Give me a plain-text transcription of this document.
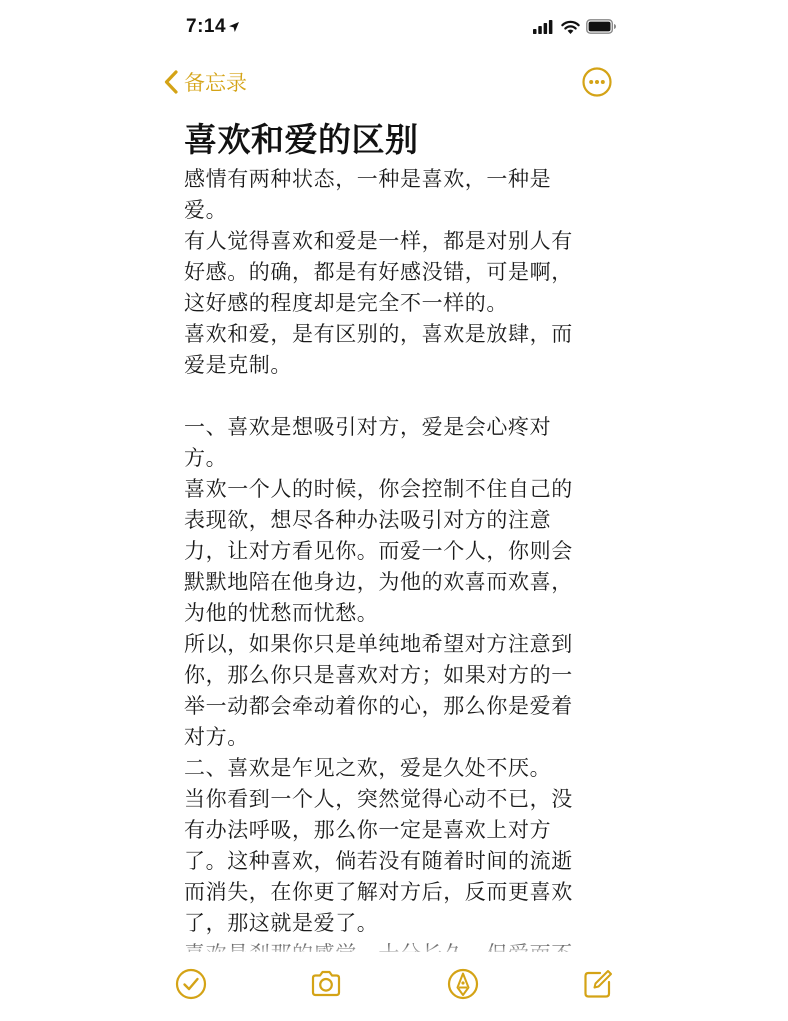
7:14
备忘录
喜欢和爱的区别

感情有两种状态，一种是喜欢，一种是爱。

有人觉得喜欢和爱是一样，都是对别人有好感。的确，都是有好感没错，可是啊，这好感的程度却是完全不一样的。

喜欢和爱，是有区别的，喜欢是放肆，而爱是克制。

一、喜欢是想吸引对方，爱是会心疼对方。

喜欢一个人的时候，你会控制不住自己的表现欲，想尽各种办法吸引对方的注意力，让对方看见你。而爱一个人，你则会默默地陪在他身边，为他的欢喜而欢喜，为他的忧愁而忧愁。

所以，如果你只是单纯地希望对方注意到你，那么你只是喜欢对方；如果对方的一举一动都会牵动着你的心，那么你是爱着对方。

二、喜欢是乍见之欢，爱是久处不厌。

当你看到一个人，突然觉得心动不已，没有办法呼吸，那么你一定是喜欢上对方了。这种喜欢，倘若没有随着时间的流逝而消失，在你更了解对方后，反而更喜欢了，那这就是爱了。
